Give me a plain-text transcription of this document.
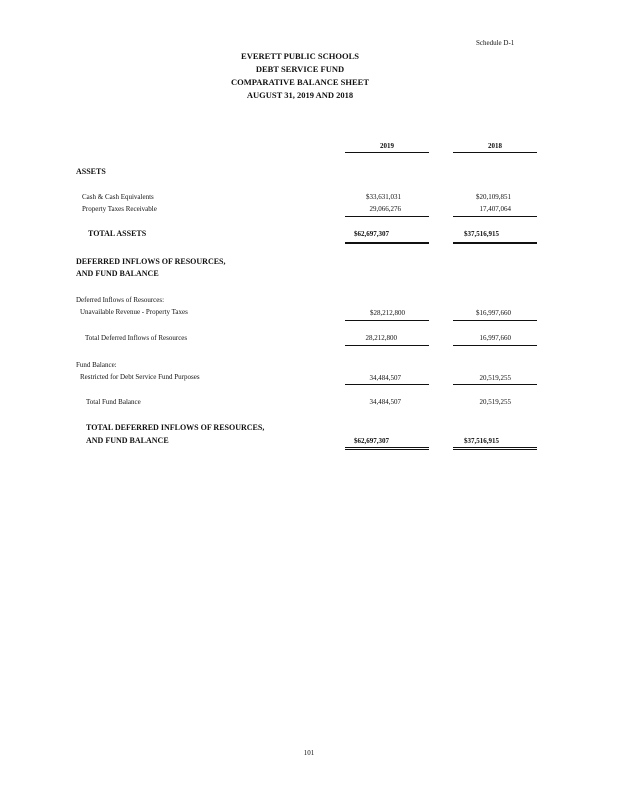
Schedule D-1
EVERETT PUBLIC SCHOOLS
DEBT SERVICE FUND
COMPARATIVE BALANCE SHEET
AUGUST 31, 2019 AND 2018
2019	2018
ASSETS
Cash & Cash Equivalents	$33,631,031	$20,109,851
Property Taxes Receivable	29,066,276	17,407,064
TOTAL ASSETS	$62,697,307	$37,516,915
DEFERRED INFLOWS OF RESOURCES,
AND FUND BALANCE
Deferred Inflows of Resources:
Unavailable Revenue - Property Taxes	$28,212,800	$16,997,660
Total Deferred Inflows of Resources	28,212,800	16,997,660
Fund Balance:
Restricted for Debt Service Fund Purposes	34,484,507	20,519,255
Total Fund Balance	34,484,507	20,519,255
TOTAL DEFERRED INFLOWS OF RESOURCES,
AND FUND BALANCE	$62,697,307	$37,516,915
101
